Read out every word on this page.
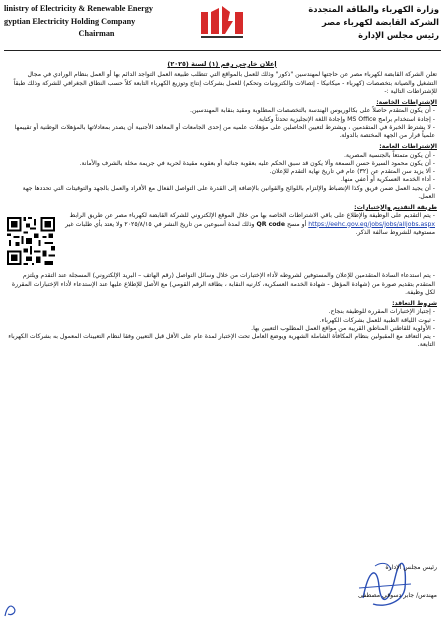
linistry of Electricity & Renewable Energy
gyptian Electricity Holding Company
Chairman
وزارة الكهرباء والطاقة المتجددة
الشركة القابضة لكهرباء مصر
رئيس مجلس الإدارة

إعلان خارجي رقم (١) لسنة (٢٠٢٥)

تعلن الشركة القابضة لكهرباء مصر عن حاجتها لمهندسين "ذكور" وذلك للعمل بالمواقع التي تتطلب طبيعة العمل التواجد الدائم بها أو العمل بنظام الورادي في مجال التشغيل والصيانة بتخصصات (كهرباء - ميكانيكا - إتصالات والكترونيات وتحكم) للعمل بشركات إنتاج وتوزيع الكهرباء التابعة كلاً حسب النطاق الجغرافي للشركة وذلك طبقاً للإشتراطات التالية :-

الإشتراطات الخاصة:

- أن يكون المتقدم حاصلاً على بكالوريوس الهندسة بالتخصصات المطلوبة ومقيد بنقابة المهندسين.

- إجادة استخدام برامج MS Office وإجادة اللغة الإنجليزية تحدثاً وكتابة.

- لا يشترط الخبرة في المتقدمين ، ويشترط لتعيين الحاصلين على مؤهلات علميه من إحدى الجامعات أو المعاهد الأجنبية أن يصدر بمعادلاتها بالمؤهلات الوطنية أو تقييمها علمياً قرار من الجهة المختصة بالدولة.

الإشتراطات العامة:

- أن يكون متمتعاً بالجنسية المصرية.

- أن يكون محمود السيرة حسن السمعة وألا يكون قد سبق الحكم عليه بعقوبة جنائية أو بعقوبه مقيدة لحرية في جريمة مخلة بالشرف والأمانة.

- ألا يزيد سن المتقدم عن (٣٢) عام في تاريخ نهاية التقدم للإعلان.

- أداء الخدمة العسكرية أو أعفي منها.

- أن يجيد العمل ضمن فريق وكذا الإنضباط والإلتزام باللوائح والقوانين بالإضافة إلى القدرة على التواصل الفعال مع الأفراد والعمل بالجهد والتوقيتات التي تحددها جهة العمل.

طريقة التقديم والإختبارات:

- يتم التقديم على الوظيفة والإطلاع على باقي الاشتراطات الخاصه بها من خلال الموقع الإلكتروني للشركة القابضة لكهرباء مصر عن طريق الرابط https://eehc.gov.eg/jobs/jobs/alljobs.aspx أو مسح QR code وذلك لمدة أسبوعين من تاريخ النشر في ٢٠٢٥/٨/١٥ ولا يعتد بأي طلبات غير مستوفية للشروط سالفة الذكر.

- يتم استدعاء السادة المتقدمين للإعلان والمستوفين لشروطه لأداء الإختبارات من خلال وسائل التواصل (رقم الهاتف – البريد الإلكتروني) المسجلة عند التقدم ويلتزم المتقدم بتقديم صورة من (شهادة المؤهل - شهادة الخدمة العسكرية، كارنيه النقابة ، بطاقة الرقم القومي) مع الأصل للإطلاع عليها عند الإستدعاء لأداء الإختبارات المقررة لكل وظيفة.

شروط التعاقد:

- إجتياز الإختبارات المقرره للوظيفة بنجاح.

- ثبوت اللياقة الطبية للعمل بشركات الكهرباء.

- الأولوية للقاطني المناطق القريبة من مواقع العمل المطلوب التعيين بها.

- يتم التعاقد مع المقبولين بنظام المكافأة الشاملة الشهرية ويوضع العامل تحت الإختبار لمدة عام على الأقل قبل التعيين وفقا لنظام التعيينات المعمول به بشركات الكهرباء التابعة.

رئيس مجلس الإدارة
مهندس/ جابر دسوقي مصطفى
